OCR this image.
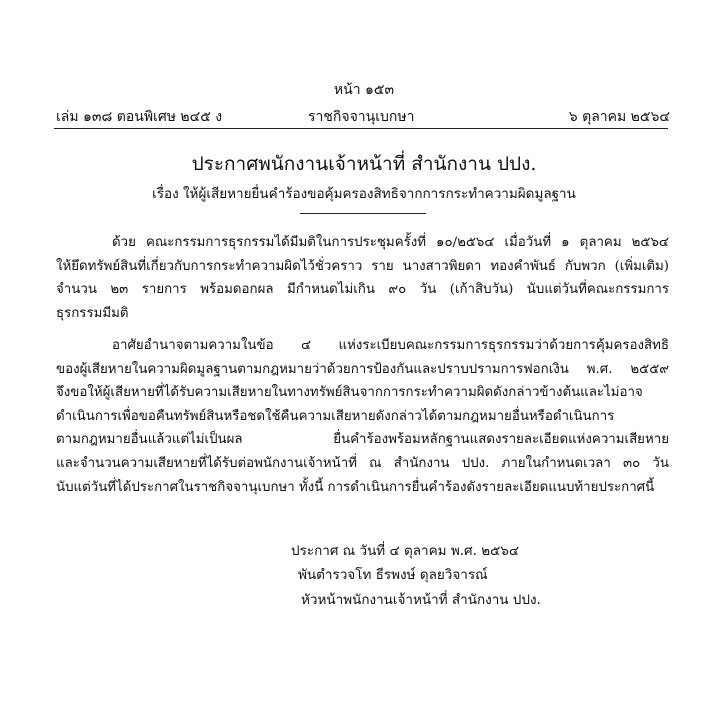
หน้า ๑๕๓
เล่ม ๑๓๘ ตอนพิเศษ ๒๔๕ ง	ราชกิจจานุเบกษา	๖ ตุลาคม ๒๕๖๔
ประกาศพนักงานเจ้าหน้าที่ สำนักงาน ปปง.
เรื่อง ให้ผู้เสียหายยื่นคำร้องขอคุ้มครองสิทธิจากการกระทำความผิดมูลฐาน
ด้วย คณะกรรมการธุรกรรมได้มีมติในการประชุมครั้งที่ ๑๐/๒๕๖๔ เมื่อวันที่ ๑ ตุลาคม ๒๕๖๔
ให้ยึดทรัพย์สินที่เกี่ยวกับการกระทำความผิดไว้ชั่วคราว ราย นางสาวพิยดา ทองคำพันธ์ กับพวก (เพิ่มเติม)
จำนวน ๒๓ รายการ พร้อมดอกผล มีกำหนดไม่เกิน ๙๐ วัน (เก้าสิบวัน) นับแต่วันที่คณะกรรมการ
ธุรกรรมมีมติ
อาศัยอำนาจตามความในข้อ ๔ แห่งระเบียบคณะกรรมการธุรกรรมว่าด้วยการคุ้มครองสิทธิ
ของผู้เสียหายในความผิดมูลฐานตามกฎหมายว่าด้วยการป้องกันและปราบปรามการฟอกเงิน พ.ศ. ๒๕๕๙
จึงขอให้ผู้เสียหายที่ได้รับความเสียหายในทางทรัพย์สินจากการกระทำความผิดดังกล่าวข้างต้นและไม่อาจ
ดำเนินการเพื่อขอคืนทรัพย์สินหรือชดใช้คืนความเสียหายดังกล่าวได้ตามกฎหมายอื่นหรือดำเนินการ
ตามกฎหมายอื่นแล้วแต่ไม่เป็นผล ยื่นคำร้องพร้อมหลักฐานแสดงรายละเอียดแห่งความเสียหาย
และจำนวนความเสียหายที่ได้รับต่อพนักงานเจ้าหน้าที่ ณ สำนักงาน ปปง. ภายในกำหนดเวลา ๓๐ วัน
นับแต่วันที่ได้ประกาศในราชกิจจานุเบกษา ทั้งนี้ การดำเนินการยื่นคำร้องดังรายละเอียดแนบท้ายประกาศนี้
ประกาศ ณ วันที่ ๔ ตุลาคม พ.ศ. ๒๕๖๔
พันตำรวจโท ธีรพงษ์ ดุลยวิจารณ์
หัวหน้าพนักงานเจ้าหน้าที่ สำนักงาน ปปง.
